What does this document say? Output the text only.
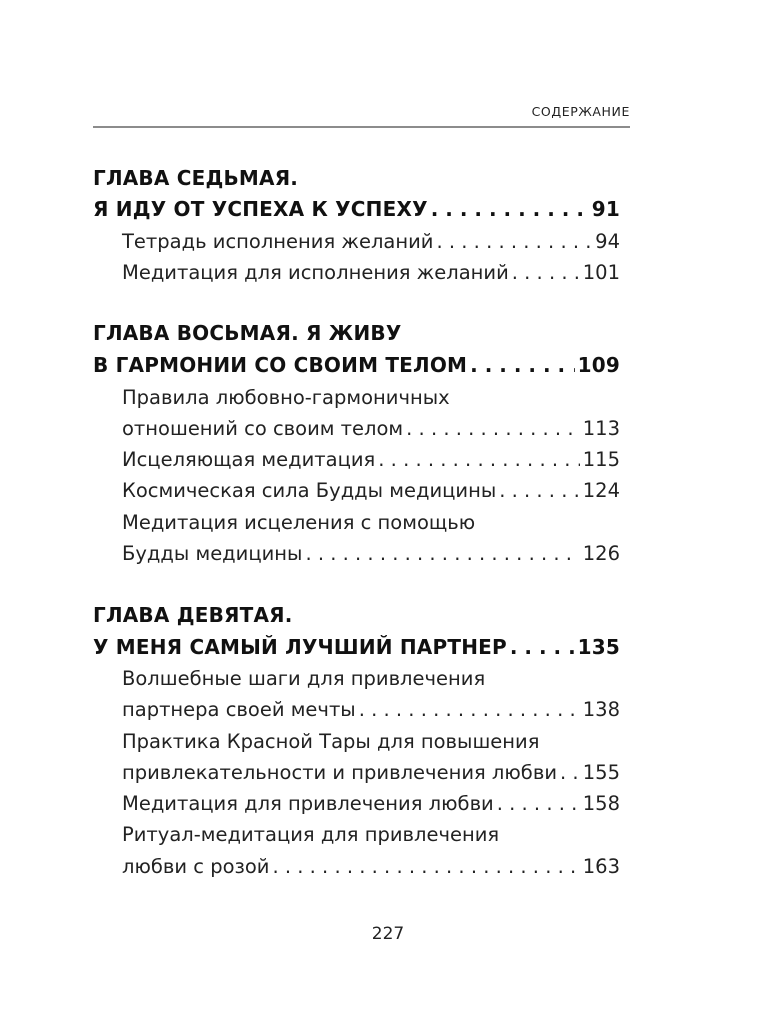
СОДЕРЖАНИЕ
ГЛАВА СЕДЬМАЯ.
Я ИДУ ОТ УСПЕХА К УСПЕХУ . . .	91
Тетрадь исполнения желаний . . .	94
Медитация для исполнения желаний . . .	101
ГЛАВА ВОСЬМАЯ. Я ЖИВУ
В ГАРМОНИИ СО СВОИМ ТЕЛОМ . . .	109
Правила любовно-гармоничных
отношений со своим телом . . .	113
Исцеляющая медитация . . .	115
Космическая сила Будды медицины . . .	124
Медитация исцеления с помощью
Будды медицины . . .	126
ГЛАВА ДЕВЯТАЯ.
У МЕНЯ САМЫЙ ЛУЧШИЙ ПАРТНЕР . . .	135
Волшебные шаги для привлечения
партнера своей мечты . . .	138
Практика Красной Тары для повышения
привлекательности и привлечения любви . . . 155
Медитация для привлечения любви . . .	158
Ритуал-медитация для привлечения
любви с розой . . .	163
227
